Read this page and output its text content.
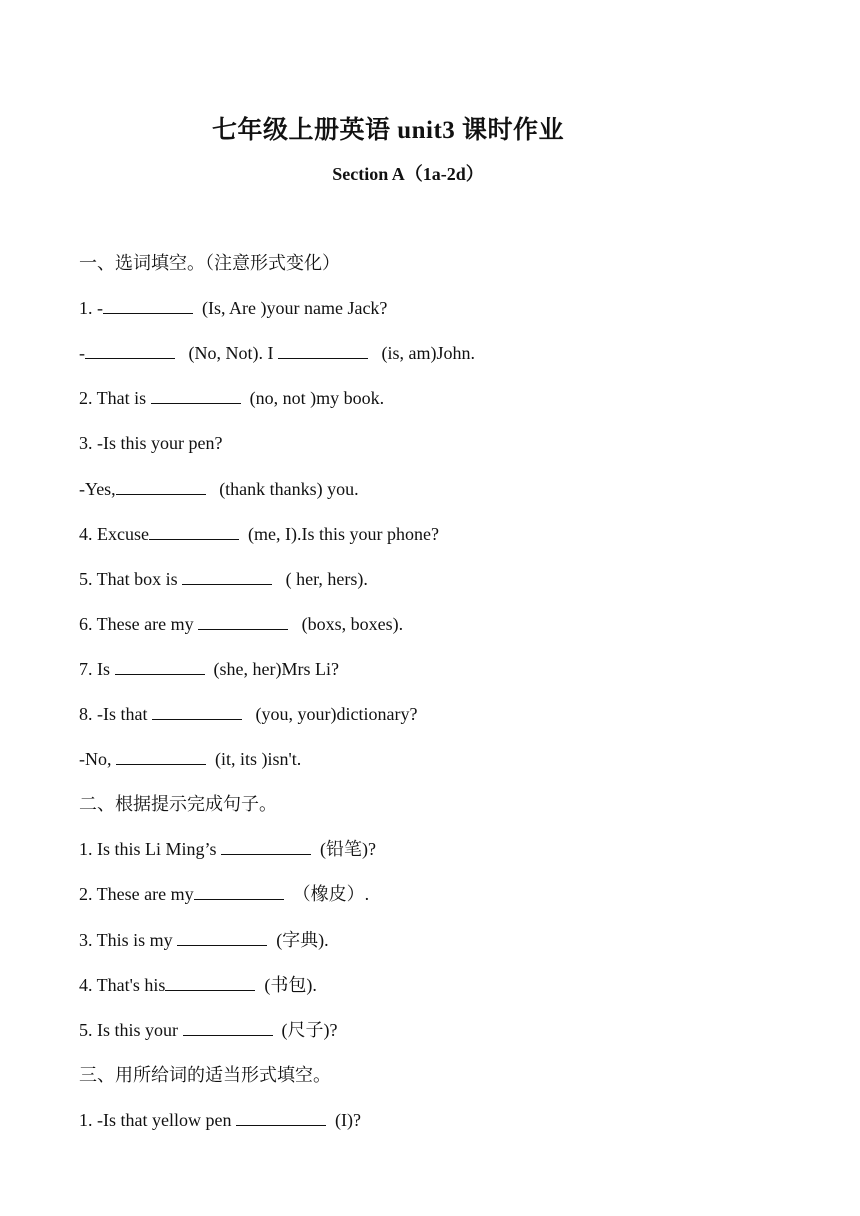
七年级上册英语 unit3 课时作业
Section A（1a-2d）
一、选词填空。（注意形式变化）
1. -	(Is, Are )your name Jack?
-	(No, Not). I	(is, am)John.
2. That is	(no, not )my book.
3. -Is this your pen?
-Yes,	(thank thanks) you.
4. Excuse	(me, I).Is this your phone?
5. That box is	( her, hers).
6. These are my	(boxs, boxes).
7. Is	(she, her)Mrs Li?
8. -Is that	(you, your)dictionary?
-No,	(it, its )isn't.
二、根据提示完成句子。
1. Is this Li Ming’s	(铅笔)?
2. These are my	（橡皮）.
3. This is my	(字典).
4. That's his	(书包).
5. Is this your	(尺子)?
三、用所给词的适当形式填空。
1. -Is that yellow pen	(I)?
